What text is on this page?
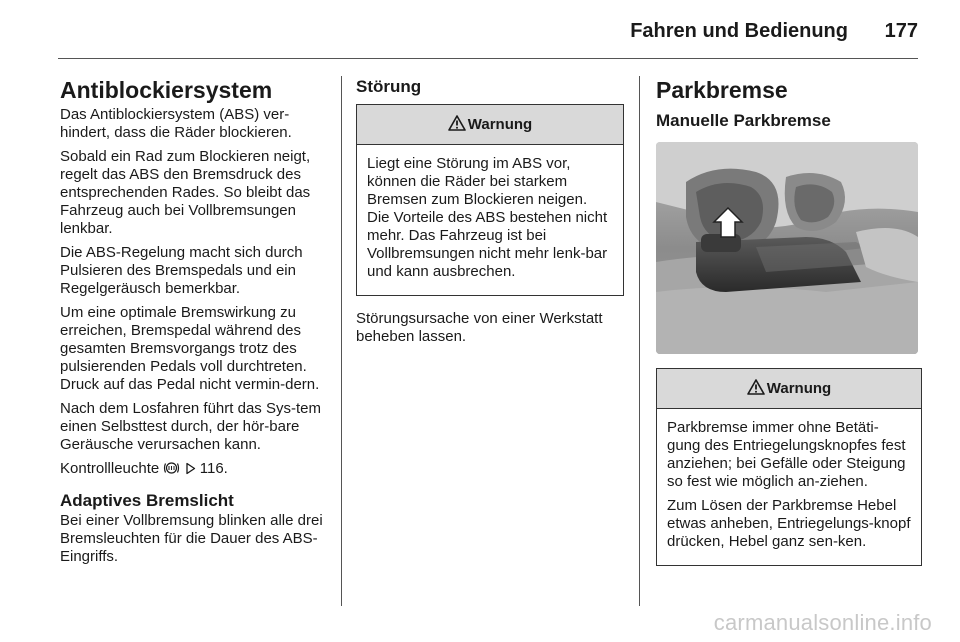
Fahren und Bedienung 177
Antiblockiersystem

Das Antiblockiersystem (ABS) ver-hindert, dass die Räder blockieren.

Sobald ein Rad zum Blockieren neigt, regelt das ABS den Bremsdruck des entsprechenden Rades. So bleibt das Fahrzeug auch bei Vollbremsungen lenkbar.

Die ABS-Regelung macht sich durch Pulsieren des Bremspedals und ein Regelgeräusch bemerkbar.

Um eine optimale Bremswirkung zu erreichen, Bremspedal während des gesamten Bremsvorgangs trotz des pulsierenden Pedals voll durchtreten. Druck auf das Pedal nicht vermin-dern.

Nach dem Losfahren führt das Sys-tem einen Selbsttest durch, der hör-bare Geräusche verursachen kann.

Kontrollleuchte	116.

Adaptives Bremslicht

Bei einer Vollbremsung blinken alle drei Bremsleuchten für die Dauer des ABS-Eingriffs.

Störung
Warnung

Liegt eine Störung im ABS vor, können die Räder bei starkem Bremsen zum Blockieren neigen. Die Vorteile des ABS bestehen nicht mehr. Das Fahrzeug ist bei Vollbremsungen nicht mehr lenk-bar und kann ausbrechen.

Störungsursache von einer Werkstatt beheben lassen.

Parkbremse
Manuelle Parkbremse
Warnung

Parkbremse immer ohne Betäti-gung des Entriegelungsknopfes fest anziehen; bei Gefälle oder Steigung so fest wie möglich an-ziehen.

Zum Lösen der Parkbremse Hebel etwas anheben, Entriegelungs-knopf drücken, Hebel ganz sen-ken.

carmanualsonline.info
